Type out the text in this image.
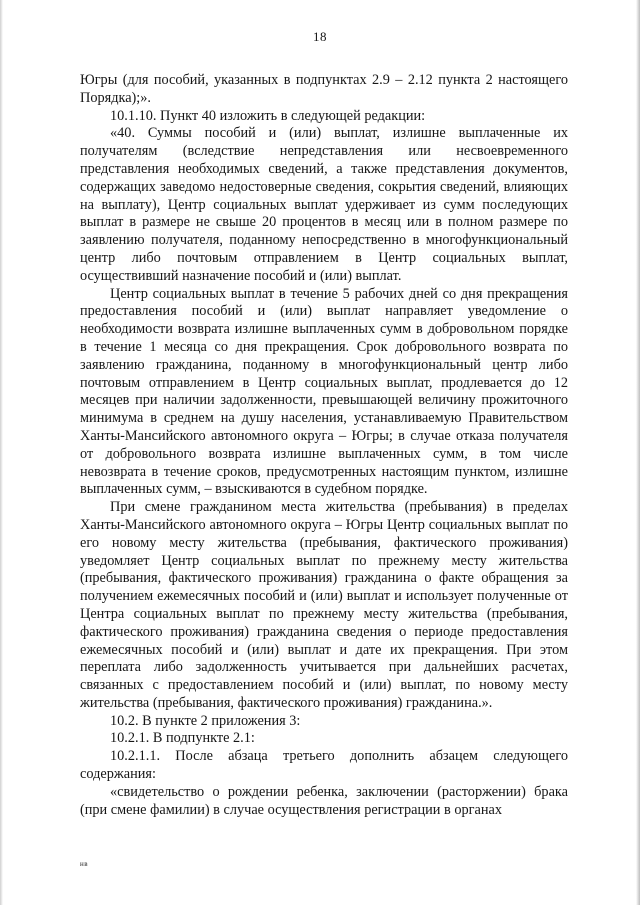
18

Югры (для пособий, указанных в подпунктах 2.9 – 2.12 пункта 2 настоящего Порядка);».

10.1.10. Пункт 40 изложить в следующей редакции:

«40. Суммы пособий и (или) выплат, излишне выплаченные их получателям (вследствие непредставления или несвоевременного представления необходимых сведений, а также представления документов, содержащих заведомо недостоверные сведения, сокрытия сведений, влияющих на выплату), Центр социальных выплат удерживает из сумм последующих выплат в размере не свыше 20 процентов в месяц или в полном размере по заявлению получателя, поданному непосредственно в многофункциональный центр либо почтовым отправлением в Центр социальных выплат, осуществивший назначение пособий и (или) выплат.

Центр социальных выплат в течение 5 рабочих дней со дня прекращения предоставления пособий и (или) выплат направляет уведомление о необходимости возврата излишне выплаченных сумм в добровольном порядке в течение 1 месяца со дня прекращения. Срок добровольного возврата по заявлению гражданина, поданному в многофункциональный центр либо почтовым отправлением в Центр социальных выплат, продлевается до 12 месяцев при наличии задолженности, превышающей величину прожиточного минимума в среднем на душу населения, устанавливаемую Правительством Ханты-Мансийского автономного округа – Югры; в случае отказа получателя от добровольного возврата излишне выплаченных сумм, в том числе невозврата в течение сроков, предусмотренных настоящим пунктом, излишне выплаченных сумм, – взыскиваются в судебном порядке.

При смене гражданином места жительства (пребывания) в пределах Ханты-Мансийского автономного округа – Югры Центр социальных выплат по его новому месту жительства (пребывания, фактического проживания) уведомляет Центр социальных выплат по прежнему месту жительства (пребывания, фактического проживания) гражданина о факте обращения за получением ежемесячных пособий и (или) выплат и использует полученные от Центра социальных выплат по прежнему месту жительства (пребывания, фактического проживания) гражданина сведения о периоде предоставления ежемесячных пособий и (или) выплат и дате их прекращения. При этом переплата либо задолженность учитывается при дальнейших расчетах, связанных с предоставлением пособий и (или) выплат, по новому месту жительства (пребывания, фактического проживания) гражданина.».

10.2. В пункте 2 приложения 3:

10.2.1. В подпункте 2.1:

10.2.1.1. После абзаца третьего дополнить абзацем следующего содержания:

«свидетельство о рождении ребенка, заключении (расторжении) брака (при смене фамилии) в случае осуществления регистрации в органах

нв
